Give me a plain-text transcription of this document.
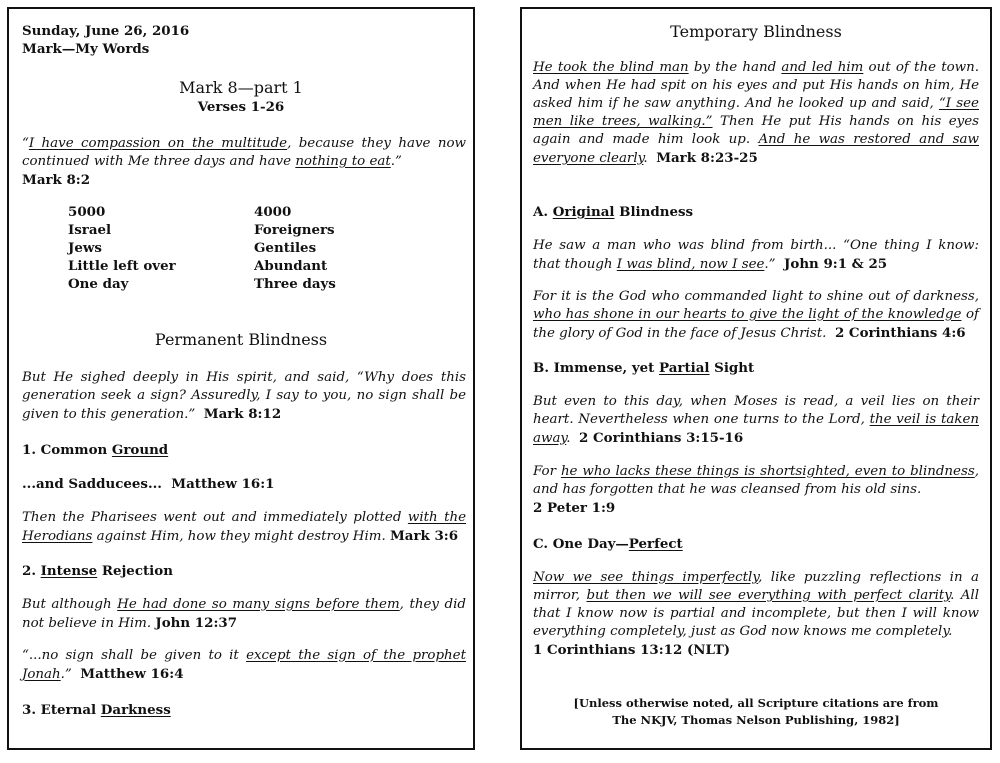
Sunday, June 26, 2016
Mark—My Words
Mark 8—part 1
Verses 1-26
“I have compassion on the multitude, because they have now continued with Me three days and have nothing to eat.”
Mark 8:2
5000
Israel
Jews
Little left over
One day
4000
Foreigners
Gentiles
Abundant
Three days
Permanent Blindness
But He sighed deeply in His spirit, and said, “Why does this generation seek a sign? Assuredly, I say to you, no sign shall be given to this generation.” Mark 8:12
1. Common Ground
...and Sadducees... Matthew 16:1
Then the Pharisees went out and immediately plotted with the Herodians against Him, how they might destroy Him. Mark 3:6
2. Intense Rejection
But although He had done so many signs before them, they did not believe in Him. John 12:37
“...no sign shall be given to it except the sign of the prophet Jonah.” Matthew 16:4
3. Eternal Darkness
Temporary Blindness
He took the blind man by the hand and led him out of the town. And when He had spit on his eyes and put His hands on him, He asked him if he saw anything. And he looked up and said, “I see men like trees, walking.” Then He put His hands on his eyes again and made him look up. And he was restored and saw everyone clearly. Mark 8:23-25
A. Original Blindness
He saw a man who was blind from birth... “One thing I know: that though I was blind, now I see.” John 9:1 & 25
For it is the God who commanded light to shine out of darkness, who has shone in our hearts to give the light of the knowledge of the glory of God in the face of Jesus Christ. 2 Corinthians 4:6
B. Immense, yet Partial Sight
But even to this day, when Moses is read, a veil lies on their heart. Nevertheless when one turns to the Lord, the veil is taken away. 2 Corinthians 3:15-16
For he who lacks these things is shortsighted, even to blindness, and has forgotten that he was cleansed from his old sins.
2 Peter 1:9
C. One Day—Perfect
Now we see things imperfectly, like puzzling reflections in a mirror, but then we will see everything with perfect clarity. All that I know now is partial and incomplete, but then I will know everything completely, just as God now knows me completely.
1 Corinthians 13:12 (NLT)
[Unless otherwise noted, all Scripture citations are from
The NKJV, Thomas Nelson Publishing, 1982]
